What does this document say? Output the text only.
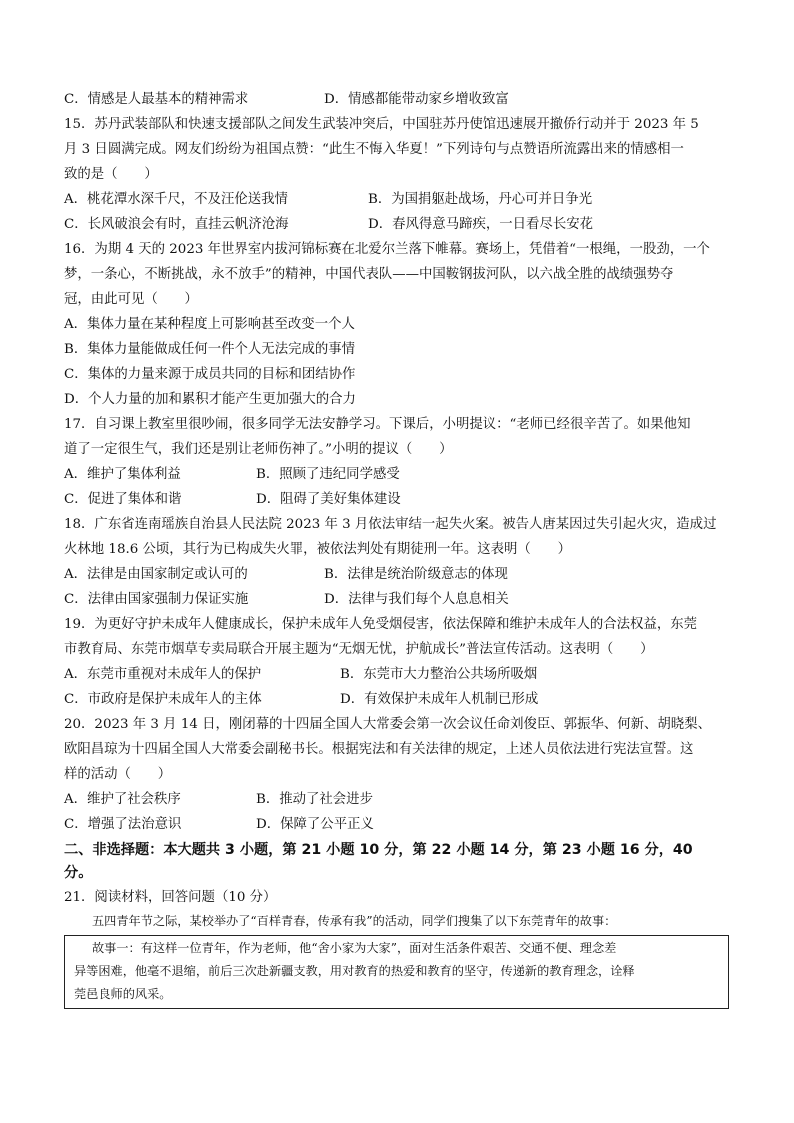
C．情感是人最基本的精神需求	D．情感都能带动家乡增收致富
15．苏丹武装部队和快速支援部队之间发生武装冲突后，中国驻苏丹使馆迅速展开撤侨行动并于 2023 年 5
月 3 日圆满完成。网友们纷纷为祖国点赞：“此生不悔入华夏！”下列诗句与点赞语所流露出来的情感相一
致的是（　　）
A．桃花潭水深千尺，不及汪伦送我情	B．为国捐躯赴战场，丹心可并日争光
C．长风破浪会有时，直挂云帆济沧海	D．春风得意马蹄疾，一日看尽长安花
16．为期 4 天的 2023 年世界室内拔河锦标赛在北爱尔兰落下帷幕。赛场上，凭借着“一根绳，一股劲，一个
梦，一条心，不断挑战，永不放手”的精神，中国代表队——中国鞍钢拔河队，以六战全胜的战绩强势夺
冠，由此可见（　　）
A．集体力量在某种程度上可影响甚至改变一个人
B．集体力量能做成任何一件个人无法完成的事情
C．集体的力量来源于成员共同的目标和团结协作
D．个人力量的加和累积才能产生更加强大的合力
17．自习课上教室里很吵闹，很多同学无法安静学习。下课后，小明提议：“老师已经很辛苦了。如果他知
道了一定很生气，我们还是别让老师伤神了。”小明的提议（　　）
A．维护了集体利益	B．照顾了违纪同学感受
C．促进了集体和谐	D．阻碍了美好集体建设
18．广东省连南瑶族自治县人民法院 2023 年 3 月依法审结一起失火案。被告人唐某因过失引起火灾，造成过
火林地 18.6 公顷，其行为已构成失火罪，被依法判处有期徒刑一年。这表明（　　）
A．法律是由国家制定或认可的	B．法律是统治阶级意志的体现
C．法律由国家强制力保证实施	D．法律与我们每个人息息相关
19．为更好守护未成年人健康成长，保护未成年人免受烟侵害，依法保障和维护未成年人的合法权益，东莞
市教育局、东莞市烟草专卖局联合开展主题为“无烟无忧，护航成长”普法宣传活动。这表明（　　）
A．东莞市重视对未成年人的保护	B．东莞市大力整治公共场所吸烟
C．市政府是保护未成年人的主体	D．有效保护未成年人机制已形成
20．2023 年 3 月 14 日，刚闭幕的十四届全国人大常委会第一次会议任命刘俊臣、郭振华、何新、胡晓梨、
欧阳昌琼为十四届全国人大常委会副秘书长。根据宪法和有关法律的规定，上述人员依法进行宪法宣誓。这
样的活动（　　）
A．维护了社会秩序	B．推动了社会进步
C．增强了法治意识	D．保障了公平正义
二、非选择题：本大题共 3 小题，第 21 小题 10 分，第 22 小题 14 分，第 23 小题 16 分，40
分。
21．阅读材料，回答问题（10 分）
五四青年节之际，某校举办了“百样青春，传承有我”的活动，同学们搜集了以下东莞青年的故事：
故事一：有这样一位青年，作为老师，他“舍小家为大家”，面对生活条件艰苦、交通不便、理念差
异等困难，他毫不退缩，前后三次赴新疆支教，用对教育的热爱和教育的坚守，传递新的教育理念，诠释
莞邑良师的风采。
